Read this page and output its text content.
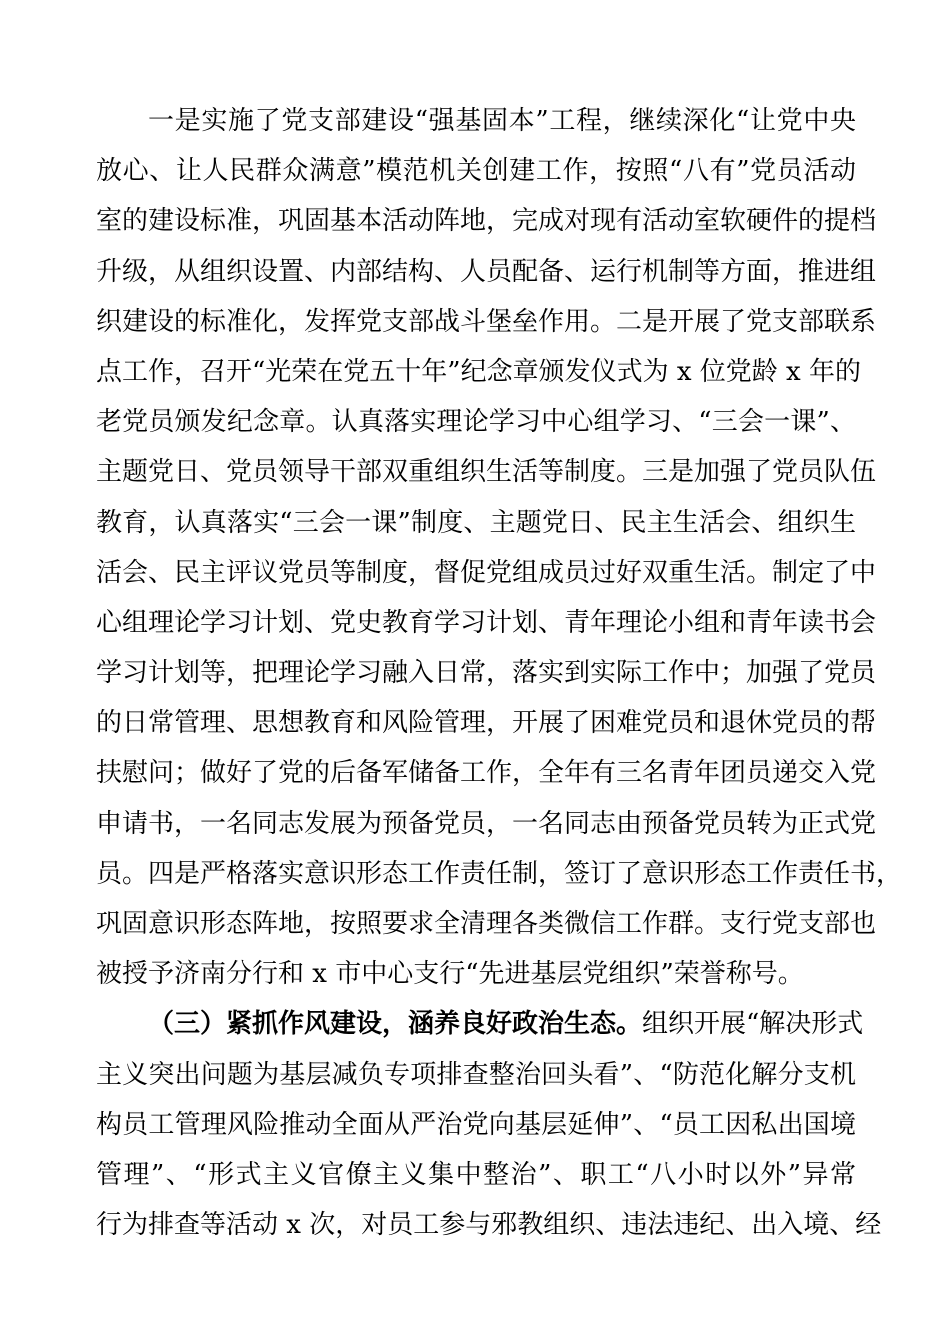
一是实施了党支部建设“强基固本”工程，继续深化“让党中央
放心、让人民群众满意”模范机关创建工作，按照“八有”党员活动
室的建设标准，巩固基本活动阵地，完成对现有活动室软硬件的提档
升级，从组织设置、内部结构、人员配备、运行机制等方面，推进组
织建设的标准化，发挥党支部战斗堡垒作用。二是开展了党支部联系
点工作，召开“光荣在党五十年”纪念章颁发仪式为 x 位党龄 x 年的
老党员颁发纪念章。认真落实理论学习中心组学习、“三会一课”、
主题党日、党员领导干部双重组织生活等制度。三是加强了党员队伍
教育，认真落实“三会一课”制度、主题党日、民主生活会、组织生
活会、民主评议党员等制度，督促党组成员过好双重生活。制定了中
心组理论学习计划、党史教育学习计划、青年理论小组和青年读书会
学习计划等，把理论学习融入日常，落实到实际工作中；加强了党员
的日常管理、思想教育和风险管理，开展了困难党员和退休党员的帮
扶慰问；做好了党的后备军储备工作，全年有三名青年团员递交入党
申请书，一名同志发展为预备党员，一名同志由预备党员转为正式党
员。四是严格落实意识形态工作责任制，签订了意识形态工作责任书，
巩固意识形态阵地，按照要求全清理各类微信工作群。支行党支部也
被授予济南分行和 x 市中心支行“先进基层党组织”荣誉称号。
（三）紧抓作风建设，涵养良好政治生态。组织开展“解决形式
主义突出问题为基层减负专项排查整治回头看”、“防范化解分支机
构员工管理风险推动全面从严治党向基层延伸”、“员工因私出国境
管理”、“形式主义官僚主义集中整治”、职工“八小时以外”异常
行为排查等活动 x 次，对员工参与邪教组织、违法违纪、出入境、经
